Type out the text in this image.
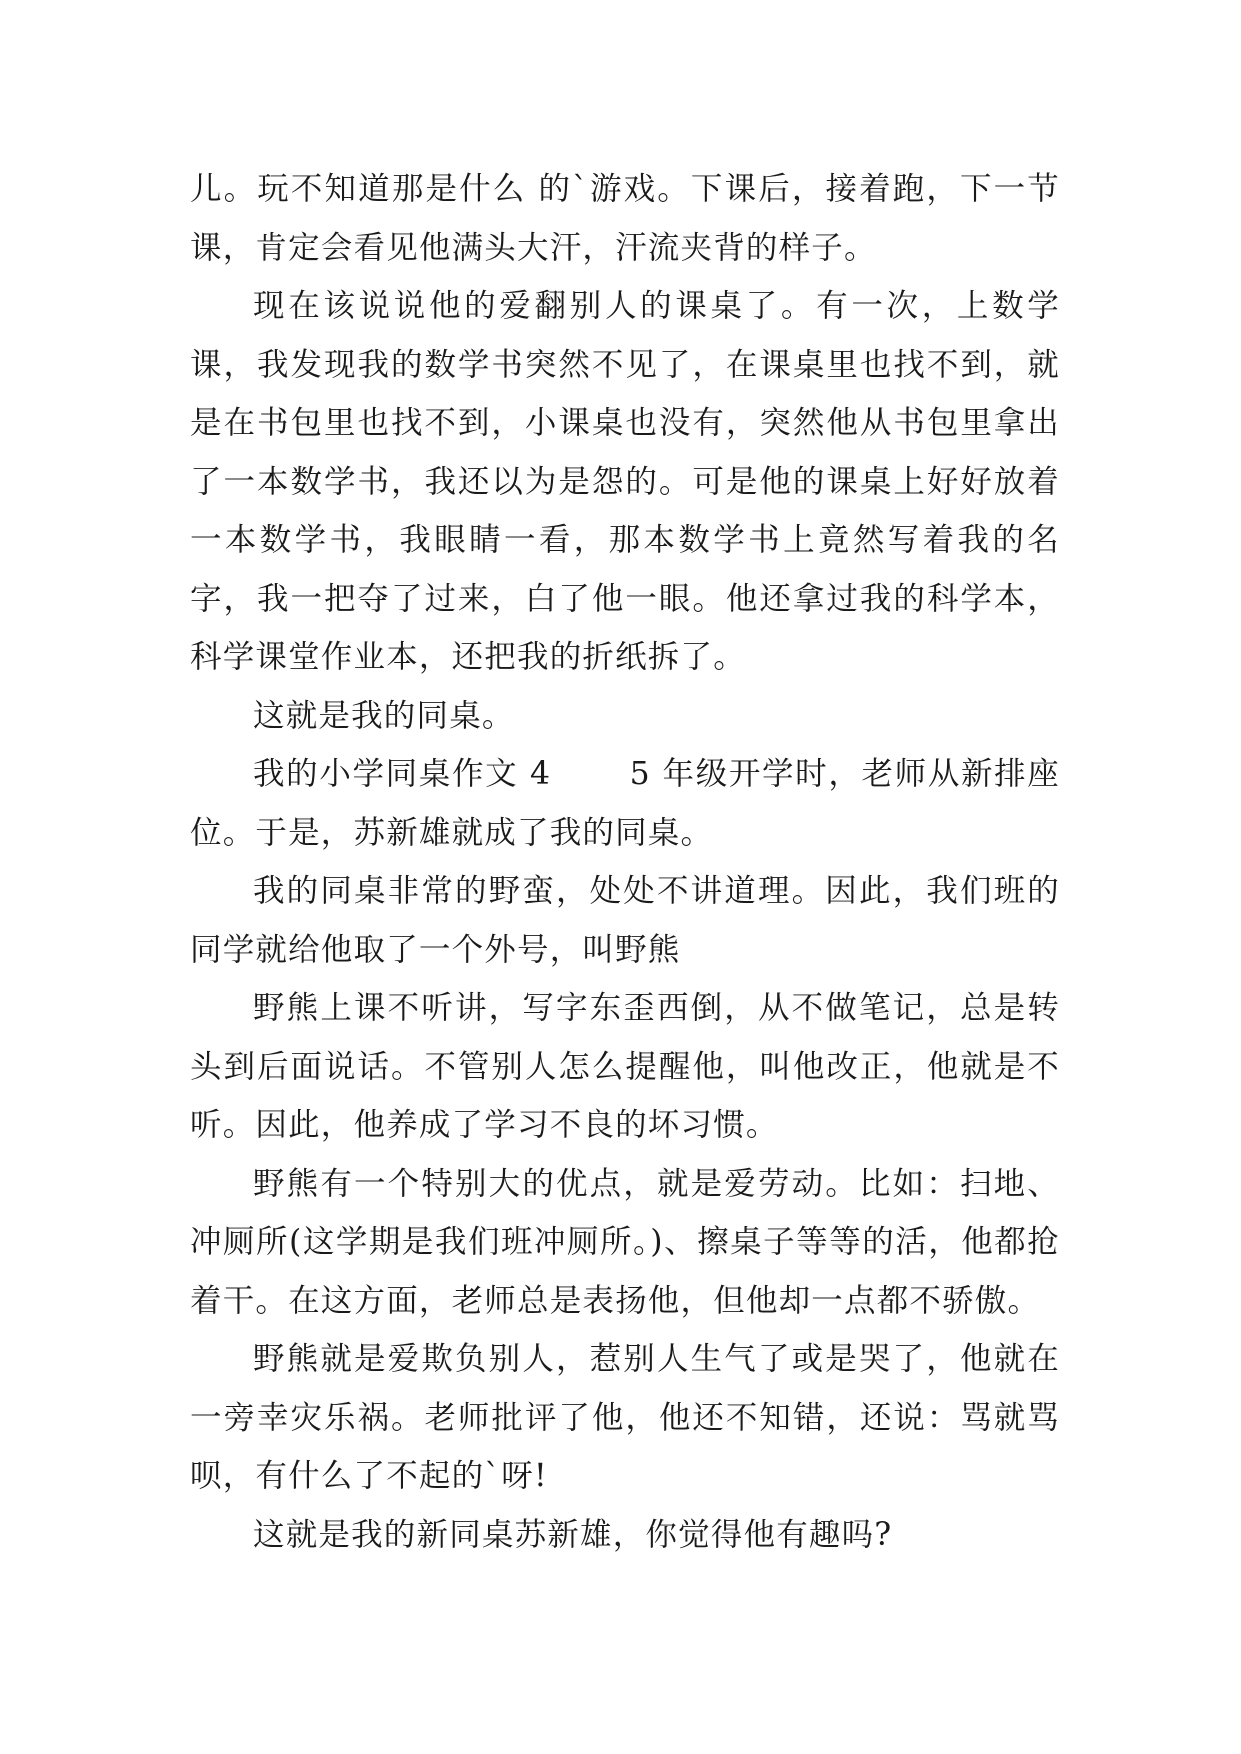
儿。玩不知道那是什么 的`游戏。下课后，接着跑，下一节课，肯定会看见他满头大汗，汗流夹背的样子。

现在该说说他的爱翻别人的课桌了。有一次，上数学课，我发现我的数学书突然不见了，在课桌里也找不到，就是在书包里也找不到，小课桌也没有，突然他从书包里拿出了一本数学书，我还以为是怨的。可是他的课桌上好好放着一本数学书，我眼睛一看，那本数学书上竟然写着我的名字，我一把夺了过来，白了他一眼。他还拿过我的科学本，科学课堂作业本，还把我的折纸拆了。

这就是我的同桌。

我的小学同桌作文 4　　 5 年级开学时，老师从新排座位。于是，苏新雄就成了我的同桌。

我的同桌非常的野蛮，处处不讲道理。因此，我们班的同学就给他取了一个外号，叫野熊

野熊上课不听讲，写字东歪西倒，从不做笔记，总是转头到后面说话。不管别人怎么提醒他，叫他改正，他就是不听。因此，他养成了学习不良的坏习惯。

野熊有一个特别大的优点，就是爱劳动。比如：扫地、冲厕所(这学期是我们班冲厕所。)、擦桌子等等的活，他都抢着干。在这方面，老师总是表扬他，但他却一点都不骄傲。

野熊就是爱欺负别人，惹别人生气了或是哭了，他就在一旁幸灾乐祸。老师批评了他，他还不知错，还说：骂就骂呗，有什么了不起的`呀!

这就是我的新同桌苏新雄，你觉得他有趣吗?
